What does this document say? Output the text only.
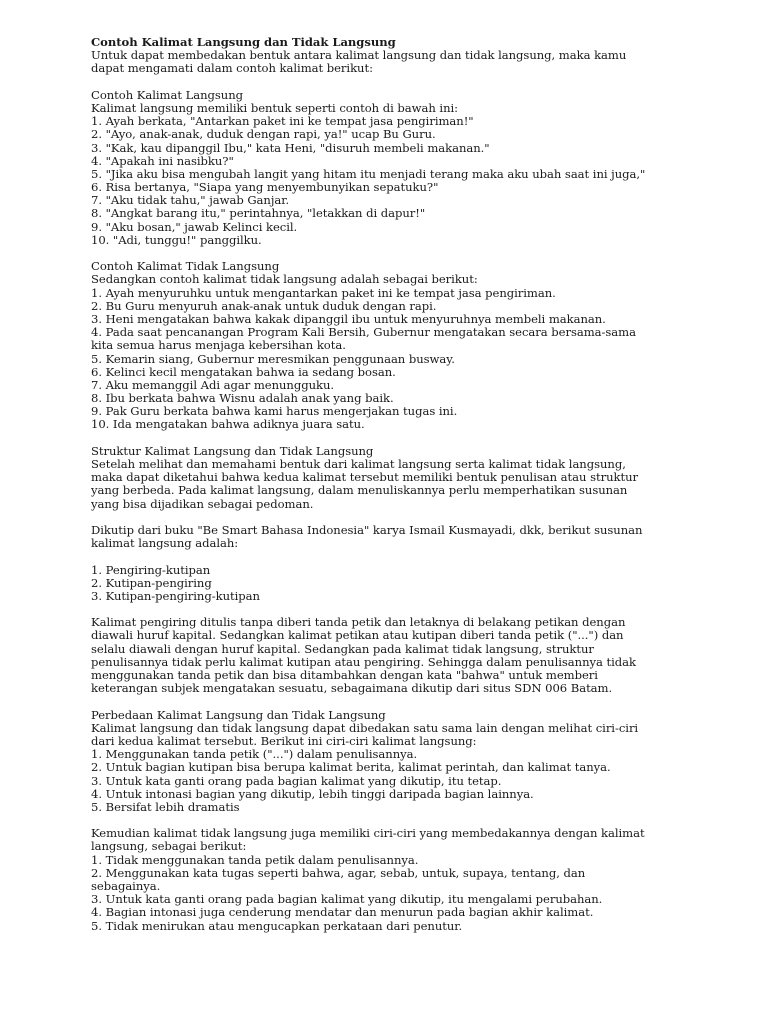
Contoh Kalimat Langsung dan Tidak Langsung
Untuk dapat membedakan bentuk antara kalimat langsung dan tidak langsung, maka kamu
dapat mengamati dalam contoh kalimat berikut:
Contoh Kalimat Langsung
Kalimat langsung memiliki bentuk seperti contoh di bawah ini:
1. Ayah berkata, "Antarkan paket ini ke tempat jasa pengiriman!"
2. "Ayo, anak-anak, duduk dengan rapi, ya!" ucap Bu Guru.
3. "Kak, kau dipanggil Ibu," kata Heni, "disuruh membeli makanan."
4. "Apakah ini nasibku?"
5. "Jika aku bisa mengubah langit yang hitam itu menjadi terang maka aku ubah saat ini juga,"
6. Risa bertanya, "Siapa yang menyembunyikan sepatuku?"
7. "Aku tidak tahu," jawab Ganjar.
8. "Angkat barang itu," perintahnya, "letakkan di dapur!"
9. "Aku bosan," jawab Kelinci kecil.
10. "Adi, tunggu!" panggilku.
Contoh Kalimat Tidak Langsung
Sedangkan contoh kalimat tidak langsung adalah sebagai berikut:
1. Ayah menyuruhku untuk mengantarkan paket ini ke tempat jasa pengiriman.
2. Bu Guru menyuruh anak-anak untuk duduk dengan rapi.
3. Heni mengatakan bahwa kakak dipanggil ibu untuk menyuruhnya membeli makanan.
4. Pada saat pencanangan Program Kali Bersih, Gubernur mengatakan secara bersama-sama
kita semua harus menjaga kebersihan kota.
5. Kemarin siang, Gubernur meresmikan penggunaan busway.
6. Kelinci kecil mengatakan bahwa ia sedang bosan.
7. Aku memanggil Adi agar menungguku.
8. Ibu berkata bahwa Wisnu adalah anak yang baik.
9. Pak Guru berkata bahwa kami harus mengerjakan tugas ini.
10. Ida mengatakan bahwa adiknya juara satu.
Struktur Kalimat Langsung dan Tidak Langsung
Setelah melihat dan memahami bentuk dari kalimat langsung serta kalimat tidak langsung,
maka dapat diketahui bahwa kedua kalimat tersebut memiliki bentuk penulisan atau struktur
yang berbeda. Pada kalimat langsung, dalam menuliskannya perlu memperhatikan susunan
yang bisa dijadikan sebagai pedoman.
Dikutip dari buku "Be Smart Bahasa Indonesia" karya Ismail Kusmayadi, dkk, berikut susunan
kalimat langsung adalah:
1. Pengiring-kutipan
2. Kutipan-pengiring
3. Kutipan-pengiring-kutipan
Kalimat pengiring ditulis tanpa diberi tanda petik dan letaknya di belakang petikan dengan
diawali huruf kapital. Sedangkan kalimat petikan atau kutipan diberi tanda petik ("...") dan
selalu diawali dengan huruf kapital. Sedangkan pada kalimat tidak langsung, struktur
penulisannya tidak perlu kalimat kutipan atau pengiring. Sehingga dalam penulisannya tidak
menggunakan tanda petik dan bisa ditambahkan dengan kata "bahwa" untuk memberi
keterangan subjek mengatakan sesuatu, sebagaimana dikutip dari situs SDN 006 Batam.
Perbedaan Kalimat Langsung dan Tidak Langsung
Kalimat langsung dan tidak langsung dapat dibedakan satu sama lain dengan melihat ciri-ciri
dari kedua kalimat tersebut. Berikut ini ciri-ciri kalimat langsung:
1. Menggunakan tanda petik ("...") dalam penulisannya.
2. Untuk bagian kutipan bisa berupa kalimat berita, kalimat perintah, dan kalimat tanya.
3. Untuk kata ganti orang pada bagian kalimat yang dikutip, itu tetap.
4. Untuk intonasi bagian yang dikutip, lebih tinggi daripada bagian lainnya.
5. Bersifat lebih dramatis
Kemudian kalimat tidak langsung juga memiliki ciri-ciri yang membedakannya dengan kalimat
langsung, sebagai berikut:
1. Tidak menggunakan tanda petik dalam penulisannya.
2. Menggunakan kata tugas seperti bahwa, agar, sebab, untuk, supaya, tentang, dan
sebagainya.
3. Untuk kata ganti orang pada bagian kalimat yang dikutip, itu mengalami perubahan.
4. Bagian intonasi juga cenderung mendatar dan menurun pada bagian akhir kalimat.
5. Tidak menirukan atau mengucapkan perkataan dari penutur.
